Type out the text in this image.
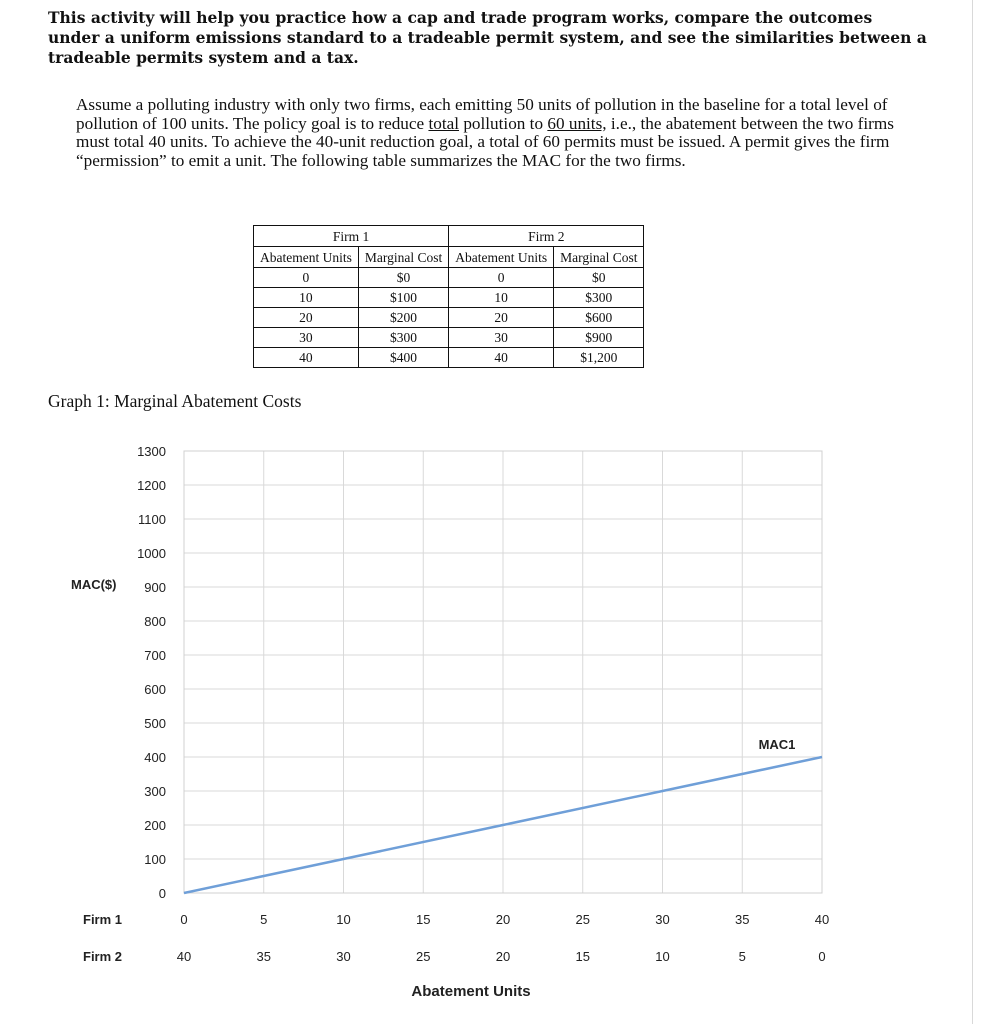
This activity will help you practice how a cap and trade program works, compare the outcomes under a uniform emissions standard to a tradeable permit system, and see the similarities between a tradeable permits system and a tax.
Assume a polluting industry with only two firms, each emitting 50 units of pollution in the baseline for a total level of pollution of 100 units. The policy goal is to reduce total pollution to 60 units, i.e., the abatement between the two firms must total 40 units. To achieve the 40-unit reduction goal, a total of 60 permits must be issued. A permit gives the firm “permission” to emit a unit. The following table summarizes the MAC for the two firms.
Firm 1		Firm 2	
Abatement Units	Marginal Cost	Abatement Units	Marginal Cost
0	$0	0	$0
10	$100	10	$300
20	$200	20	$600
30	$300	30	$900
40	$400	40	$1,200
Graph 1: Marginal Abatement Costs
0
100
200
300
400
500
600
700
800
900
1000
1100
1200
1300
MAC($)
Firm 1
Firm 2
0	5	10	15	20	25	30	35	40
40	35	30	25	20	15	10	5	0
Abatement Units
MAC1
